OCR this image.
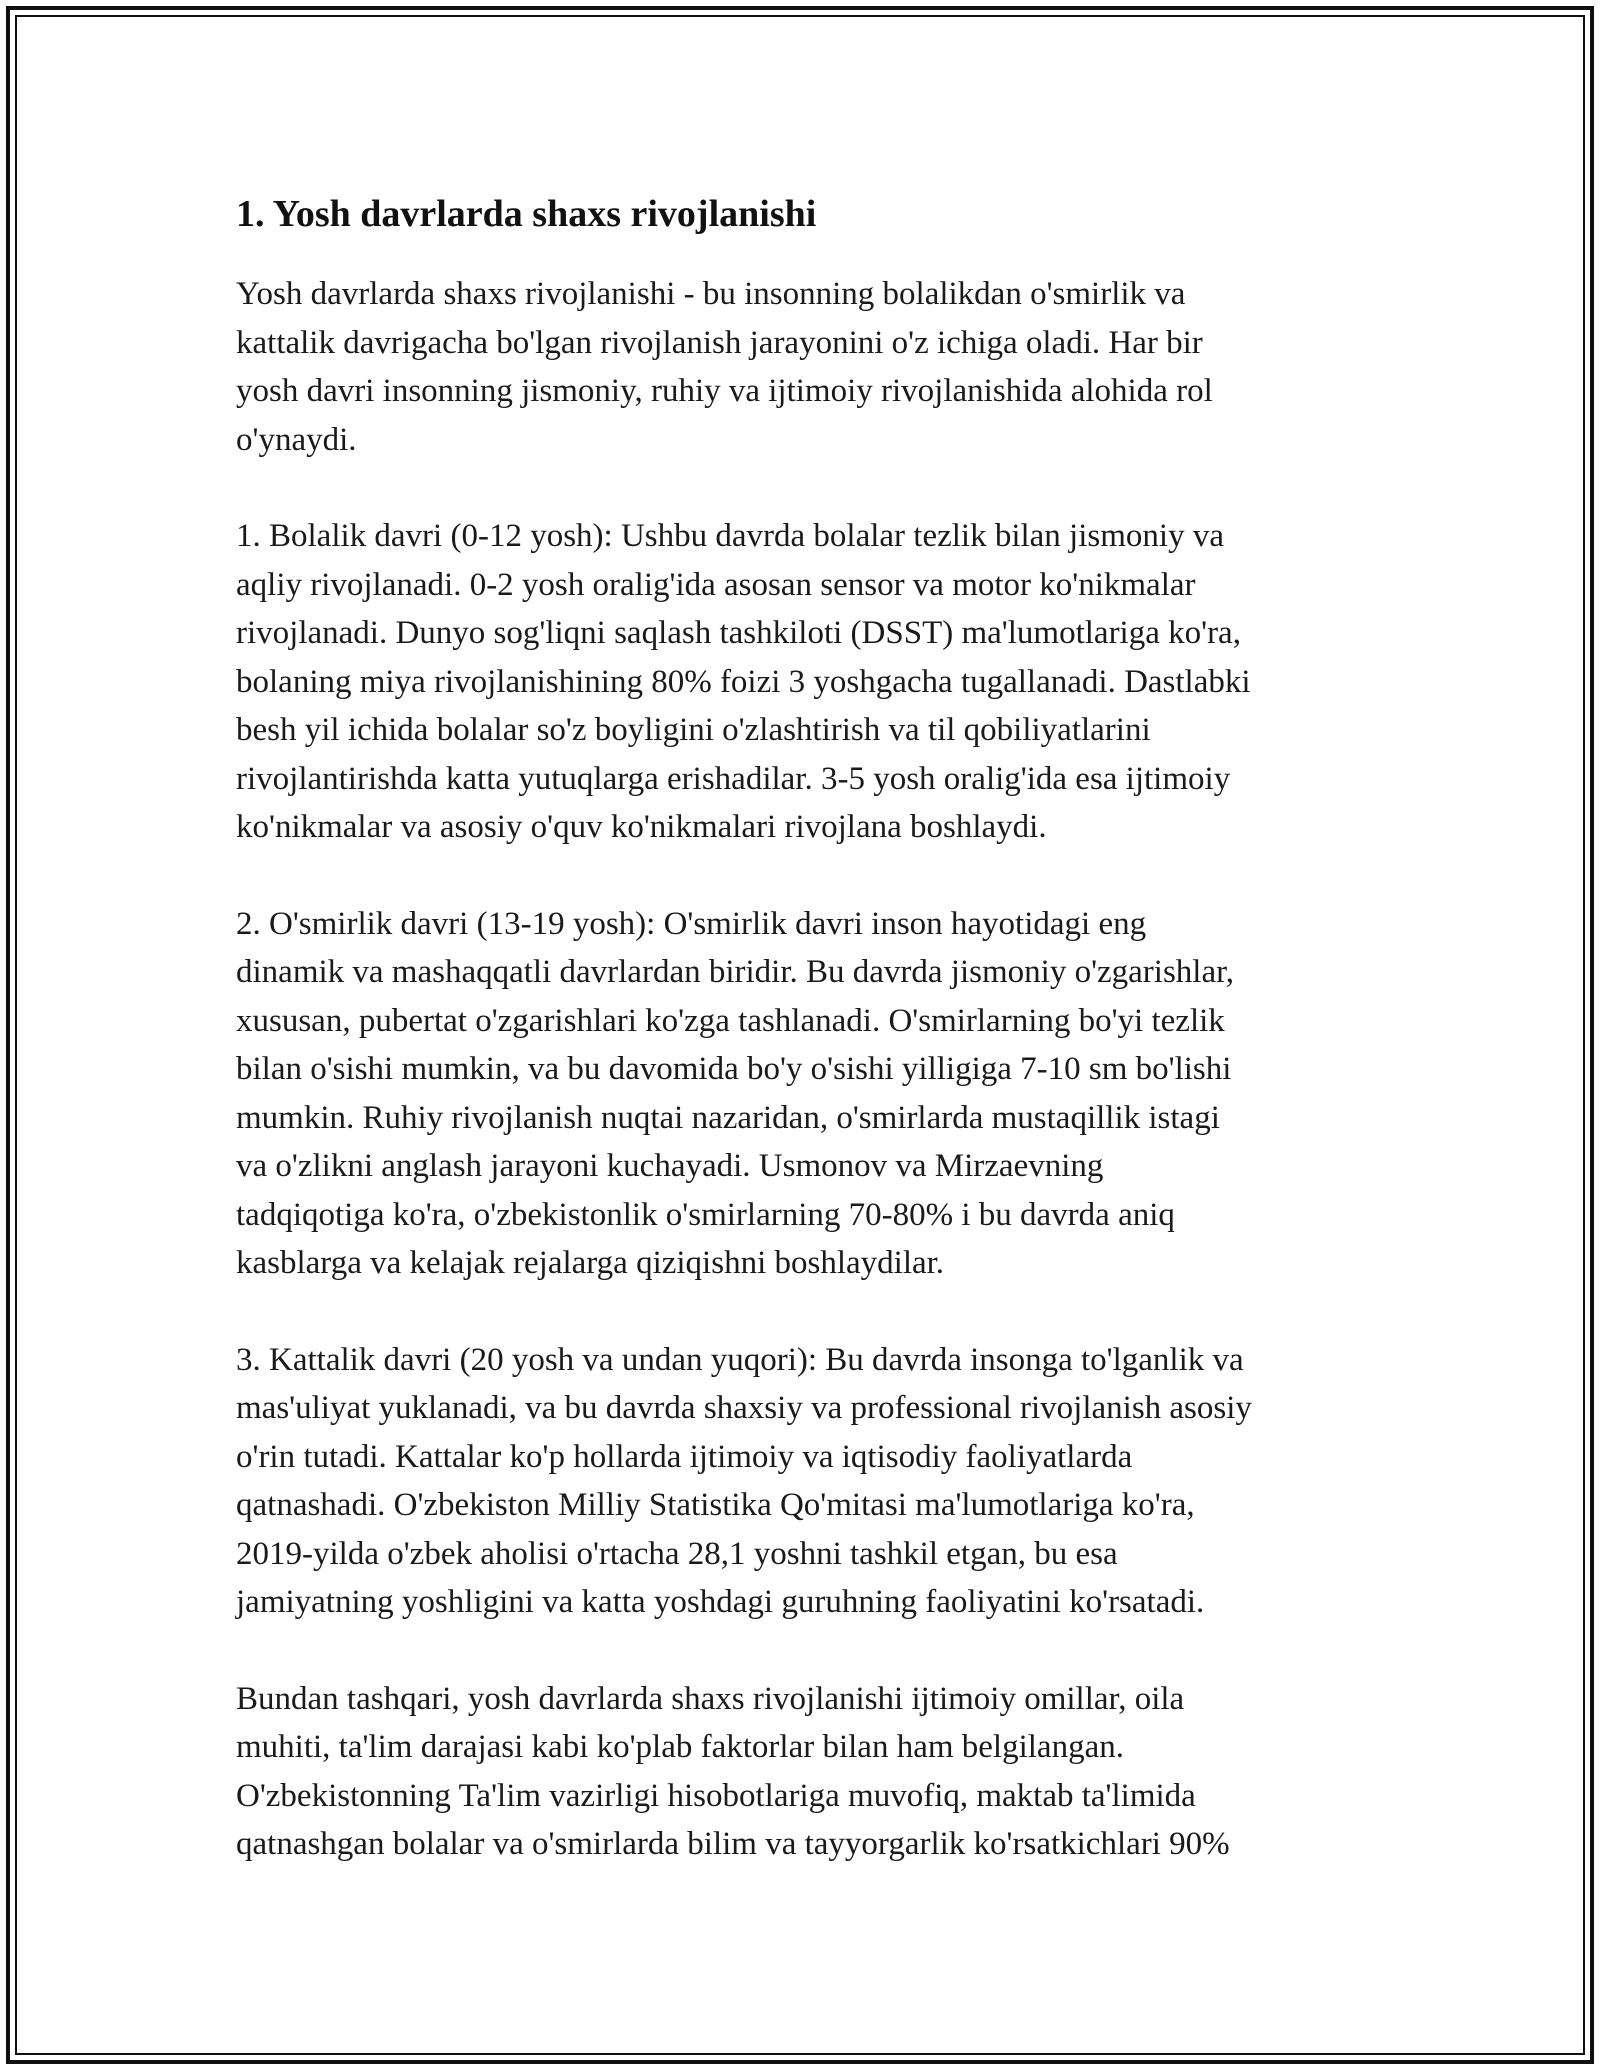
1. Yosh davrlarda shaxs rivojlanishi

Yosh davrlarda shaxs rivojlanishi - bu insonning bolalikdan o'smirlik va
kattalik davrigacha bo'lgan rivojlanish jarayonini o'z ichiga oladi. Har bir
yosh davri insonning jismoniy, ruhiy va ijtimoiy rivojlanishida alohida rol
o'ynaydi.

1. Bolalik davri (0-12 yosh): Ushbu davrda bolalar tezlik bilan jismoniy va
aqliy rivojlanadi. 0-2 yosh oralig'ida asosan sensor va motor ko'nikmalar
rivojlanadi. Dunyo sog'liqni saqlash tashkiloti (DSST) ma'lumotlariga ko'ra,
bolaning miya rivojlanishining 80% foizi 3 yoshgacha tugallanadi. Dastlabki
besh yil ichida bolalar so'z boyligini o'zlashtirish va til qobiliyatlarini
rivojlantirishda katta yutuqlarga erishadilar. 3-5 yosh oralig'ida esa ijtimoiy
ko'nikmalar va asosiy o'quv ko'nikmalari rivojlana boshlaydi.

2. O'smirlik davri (13-19 yosh): O'smirlik davri inson hayotidagi eng
dinamik va mashaqqatli davrlardan biridir. Bu davrda jismoniy o'zgarishlar,
xususan, pubertat o'zgarishlari ko'zga tashlanadi. O'smirlarning bo'yi tezlik
bilan o'sishi mumkin, va bu davomida bo'y o'sishi yilligiga 7-10 sm bo'lishi
mumkin. Ruhiy rivojlanish nuqtai nazaridan, o'smirlarda mustaqillik istagi
va o'zlikni anglash jarayoni kuchayadi. Usmonov va Mirzaevning
tadqiqotiga ko'ra, o'zbekistonlik o'smirlarning 70-80% i bu davrda aniq
kasblarga va kelajak rejalarga qiziqishni boshlaydilar.

3. Kattalik davri (20 yosh va undan yuqori): Bu davrda insonga to'lganlik va
mas'uliyat yuklanadi, va bu davrda shaxsiy va professional rivojlanish asosiy
o'rin tutadi. Kattalar ko'p hollarda ijtimoiy va iqtisodiy faoliyatlarda
qatnashadi. O'zbekiston Milliy Statistika Qo'mitasi ma'lumotlariga ko'ra,
2019-yilda o'zbek aholisi o'rtacha 28,1 yoshni tashkil etgan, bu esa
jamiyatning yoshligini va katta yoshdagi guruhning faoliyatini ko'rsatadi.

Bundan tashqari, yosh davrlarda shaxs rivojlanishi ijtimoiy omillar, oila
muhiti, ta'lim darajasi kabi ko'plab faktorlar bilan ham belgilangan.
O'zbekistonning Ta'lim vazirligi hisobotlariga muvofiq, maktab ta'limida
qatnashgan bolalar va o'smirlarda bilim va tayyorgarlik ko'rsatkichlari 90%
